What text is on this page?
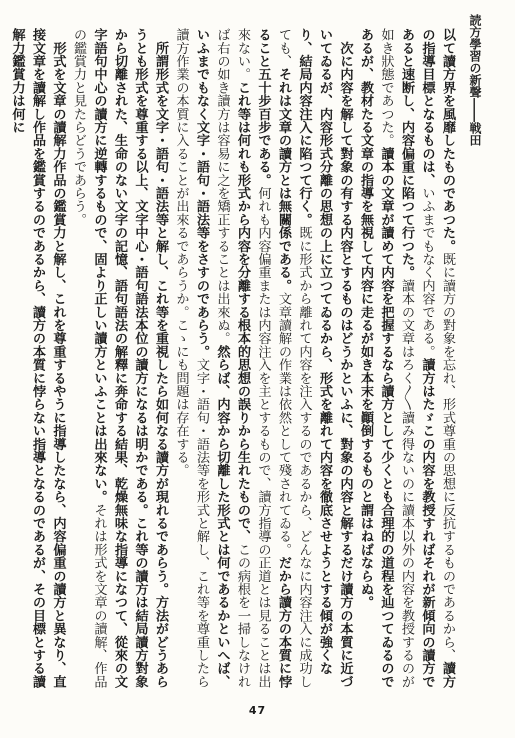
読方學習の新聲――戦田

以て讀方界を風靡したものであつた。既に讀方の對象を忘れ、形式尊重の思想に反抗するものであるから、讀方の指導目標となるものは、いふまでもなく内容である。讀方はたゞこの内容を教授すればそれが新傾向の讀方であると速断し、内容偏重に陷つて行つた。讀本の文章はろく〳〵讀み得ないのに讀本以外の内容を教授するのが如き狀態であつた。讀本の文章が讀めて内容を把握するなら讀方として少くとも合理的の道程を辿つてゐるのであるが、教材たる文章の指導を無視して内容に走るが如き本末を顚倒するものと謂はねばならぬ。

　次に内容を解して對象の有する内容とするものはどうかといふに、對象の内容と解するだけ讀方の本質に近づいてゐるが、内容形式分離の思想の上に立つてゐるから、形式を離れて内容を徹底させようとする傾が強くなり、結局内容注入に陷つて行く。既に形式から離れて内容を注入するのであるから、どんなに内容注入に成功しても、それは文章の讀方とは無關係である。文章讀解の作業は依然として殘されてゐる。だから讀方の本質に悖ること五十步百步である。何れも内容偏重または内容注入を主とするもので、讀方指導の正道とは見ることは出來ない。これ等は何れも形式から内容を分離する根本的思想の誤りから生れたもので、この病根を一掃しなければ右の如き讀方は容易に之を矯正することは出來ぬ。然らば、内容から切離した形式とは何であるかといへば、いふまでもなく文字・語句・語法等をさすのであらう。文字・語句・語法等を形式と解し、これ等を尊重したら讀方作業の本質に入ることが出來るであらうか。こゝにも問題は存在する。

　所謂形式を文字・語句・語法等と解し、これ等を重視したら如何なる讀方が現れるであらう。方法がどうあらうとも形式を尊重する以上、文字中心・語句語法本位の讀方になるは明かである。これ等の讀方は結局讀方對象から切離された、生命のない文字の記憶、語句語法の解釋に奔命する結果、乾燥無味な指導になつて、從來の文字語句中心の讀方に逆轉するもので、固より正しい讀方といふことは出來ない。それは形式を文章の讀解、作品の鑑賞力と見たらどうであらう。

　形式を文章の讀解力作品の鑑賞力と解し、これを尊重するやうに指導したなら、内容偏重の讀方と異なり、直接文章を讀解し作品を鑑賞するのであるから、讀方の本質に悖らない指導となるのであるが、その目標とする讀解力鑑賞力は何に

47
